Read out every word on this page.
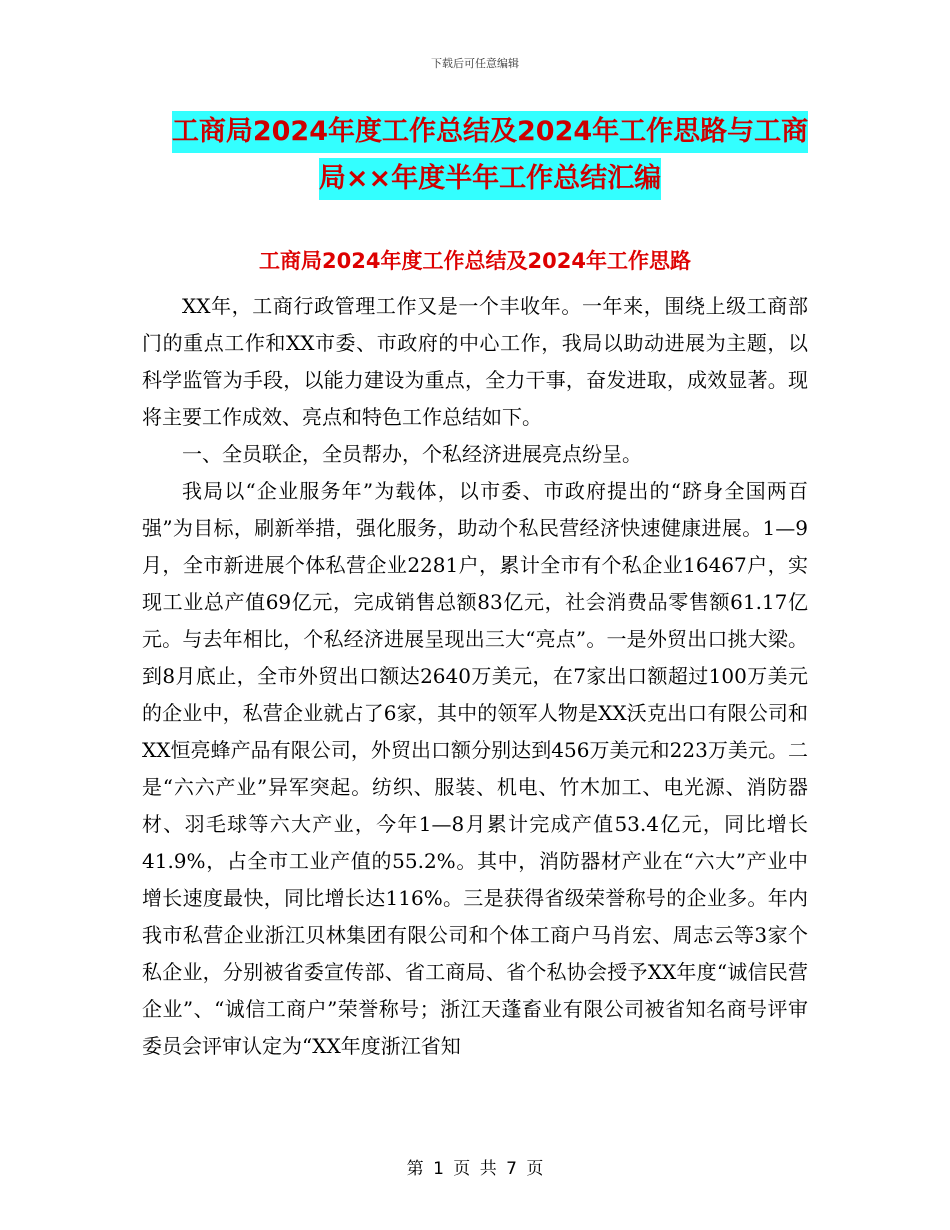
下载后可任意编辑
工商局2024年度工作总结及2024年工作思路与工商
局××年度半年工作总结汇编
工商局2024年度工作总结及2024年工作思路

XX年，工商行政管理工作又是一个丰收年。一年来，围绕上级工商部门的重点工作和XX市委、市政府的中心工作，我局以助动进展为主题，以科学监管为手段，以能力建设为重点，全力干事，奋发进取，成效显著。现将主要工作成效、亮点和特色工作总结如下。

一、全员联企，全员帮办，个私经济进展亮点纷呈。

我局以“企业服务年”为载体，以市委、市政府提出的“跻身全国两百强”为目标，刷新举措，强化服务，助动个私民营经济快速健康进展。1—9月，全市新进展个体私营企业2281户，累计全市有个私企业16467户，实现工业总产值69亿元，完成销售总额83亿元，社会消费品零售额61.17亿元。与去年相比，个私经济进展呈现出三大“亮点”。一是外贸出口挑大梁。到8月底止，全市外贸出口额达2640万美元，在7家出口额超过100万美元的企业中，私营企业就占了6家，其中的领军人物是XX沃克出口有限公司和XX恒亮蜂产品有限公司，外贸出口额分别达到456万美元和223万美元。二是“六六产业”异军突起。纺织、服装、机电、竹木加工、电光源、消防器材、羽毛球等六大产业，今年1—8月累计完成产值53.4亿元，同比增长41.9%，占全市工业产值的55.2%。其中，消防器材产业在“六大”产业中增长速度最快，同比增长达116%。三是获得省级荣誉称号的企业多。年内我市私营企业浙江贝林集团有限公司和个体工商户马肖宏、周志云等3家个私企业，分别被省委宣传部、省工商局、省个私协会授予XX年度“诚信民营企业”、“诚信工商户”荣誉称号；浙江天蓬畜业有限公司被省知名商号评审委员会评审认定为“XX年度浙江省知

第 1 页 共 7 页
